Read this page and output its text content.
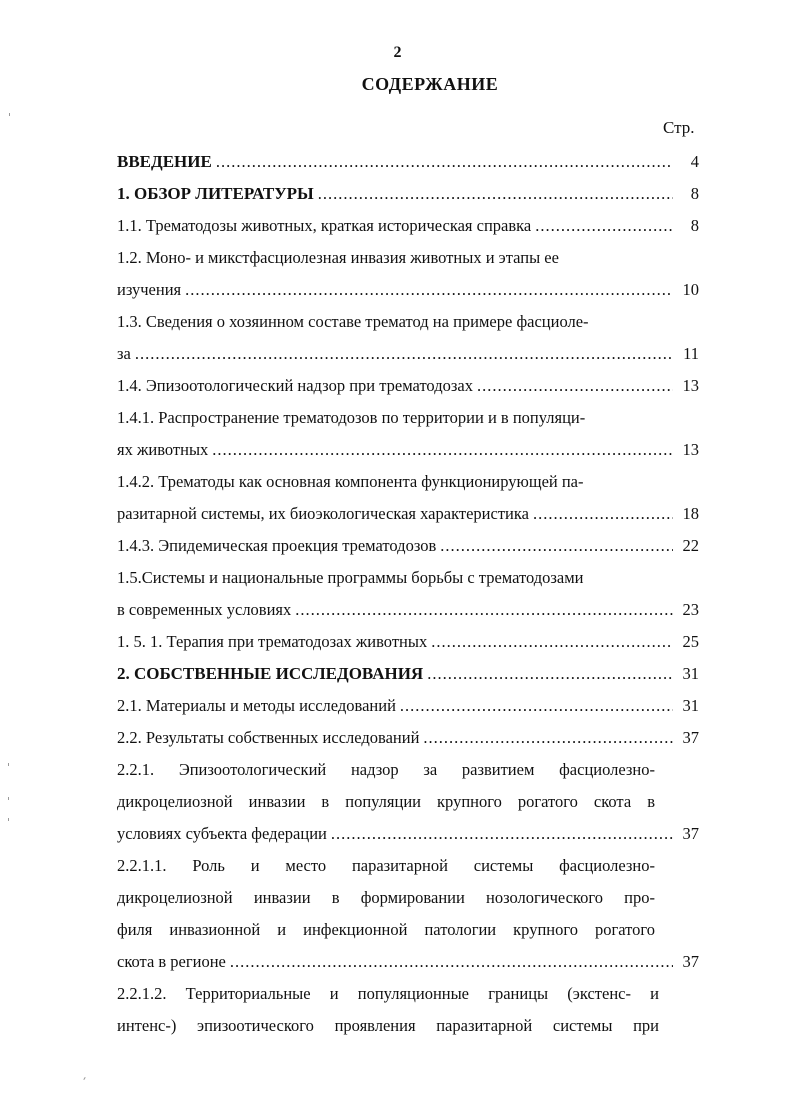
2
СОДЕРЖАНИЕ
Стр.
ВВЕДЕНИЕ .....	4
1. ОБЗОР ЛИТЕРАТУРЫ .....	8
1.1. Трематодозы животных, краткая историческая справка .....	8
1.2. Моно- и микстфасциолезная инвазия животных и этапы ее
изучения .....	10
1.3. Сведения о хозяинном составе трематод на примере фасциоле-
за .....	11
1.4. Эпизоотологический надзор при трематодозах .....	13
1.4.1. Распространение трематодозов по территории и в популяци-
ях животных .....	13
1.4.2. Трематоды как основная компонента функционирующей па-
разитарной системы, их биоэкологическая характеристика .....	18
1.4.3. Эпидемическая проекция трематодозов .....	22
1.5.Системы и национальные программы борьбы с трематодозами
в современных условиях .....	23
1. 5. 1. Терапия при трематодозах животных .....	25
2. СОБСТВЕННЫЕ ИССЛЕДОВАНИЯ .....	31
2.1. Материалы и методы исследований .....	31
2.2. Результаты собственных исследований .....	37
2.2.1. Эпизоотологический надзор за развитием фасциолезно-
дикроцелиозной инвазии в популяции крупного рогатого скота в
условиях субъекта федерации .....	37
2.2.1.1. Роль и место паразитарной системы фасциолезно-
дикроцелиозной инвазии в формировании нозологического про-
филя инвазионной и инфекционной патологии крупного рогатого
скота в регионе .....	37
2.2.1.2. Территориальные и популяционные границы (экстенс- и
интенс-) эпизоотического проявления паразитарной системы при
